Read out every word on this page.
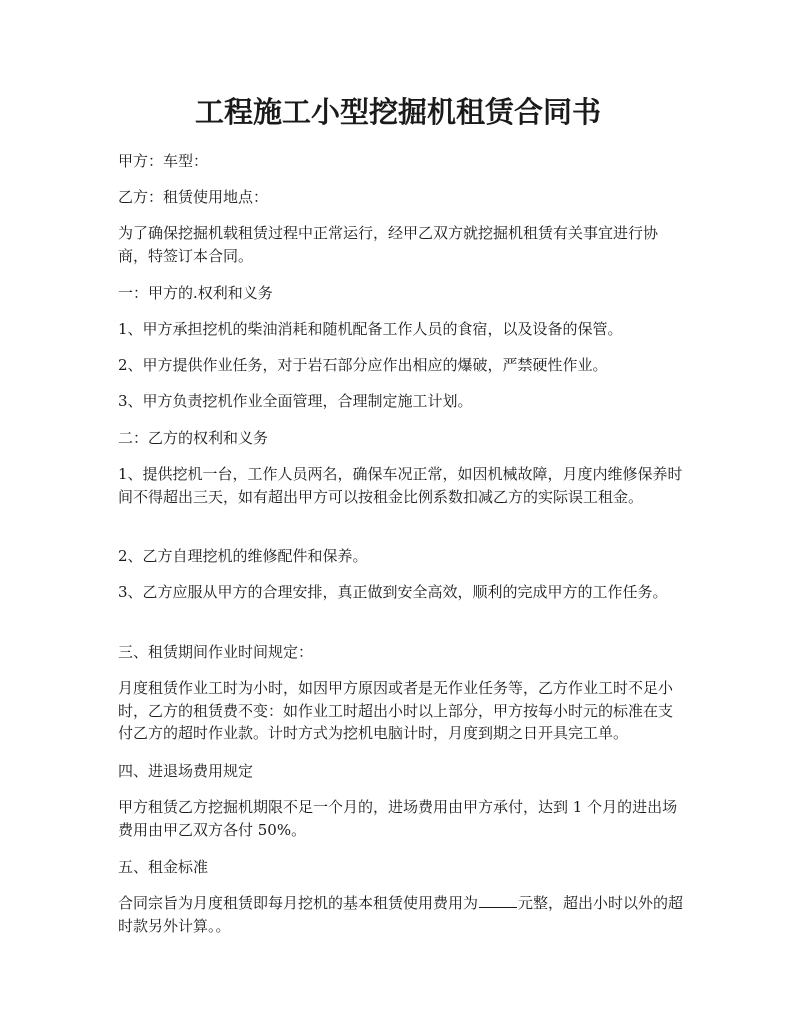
工程施工小型挖掘机租赁合同书

甲方：车型：

乙方：租赁使用地点：

为了确保挖掘机载租赁过程中正常运行，经甲乙双方就挖掘机租赁有关事宜进行协商，特签订本合同。

一：甲方的.权利和义务

1、甲方承担挖机的柴油消耗和随机配备工作人员的食宿，以及设备的保管。

2、甲方提供作业任务，对于岩石部分应作出相应的爆破，严禁硬性作业。

3、甲方负责挖机作业全面管理，合理制定施工计划。

二：乙方的权利和义务

1、提供挖机一台，工作人员两名，确保车况正常，如因机械故障，月度内维修保养时间不得超出三天，如有超出甲方可以按租金比例系数扣减乙方的实际误工租金。

2、乙方自理挖机的维修配件和保养。

3、乙方应服从甲方的合理安排，真正做到安全高效，顺利的完成甲方的工作任务。

三、租赁期间作业时间规定：

月度租赁作业工时为小时，如因甲方原因或者是无作业任务等，乙方作业工时不足小时，乙方的租赁费不变：如作业工时超出小时以上部分，甲方按每小时元的标准在支付乙方的超时作业款。计时方式为挖机电脑计时，月度到期之日开具完工单。

四、进退场费用规定

甲方租赁乙方挖掘机期限不足一个月的，进场费用由甲方承付，达到 1 个月的进出场费用由甲乙双方各付 50%。

五、租金标准

合同宗旨为月度租赁即每月挖机的基本租赁使用费用为	元整，超出小时以外的超时款另外计算。。
